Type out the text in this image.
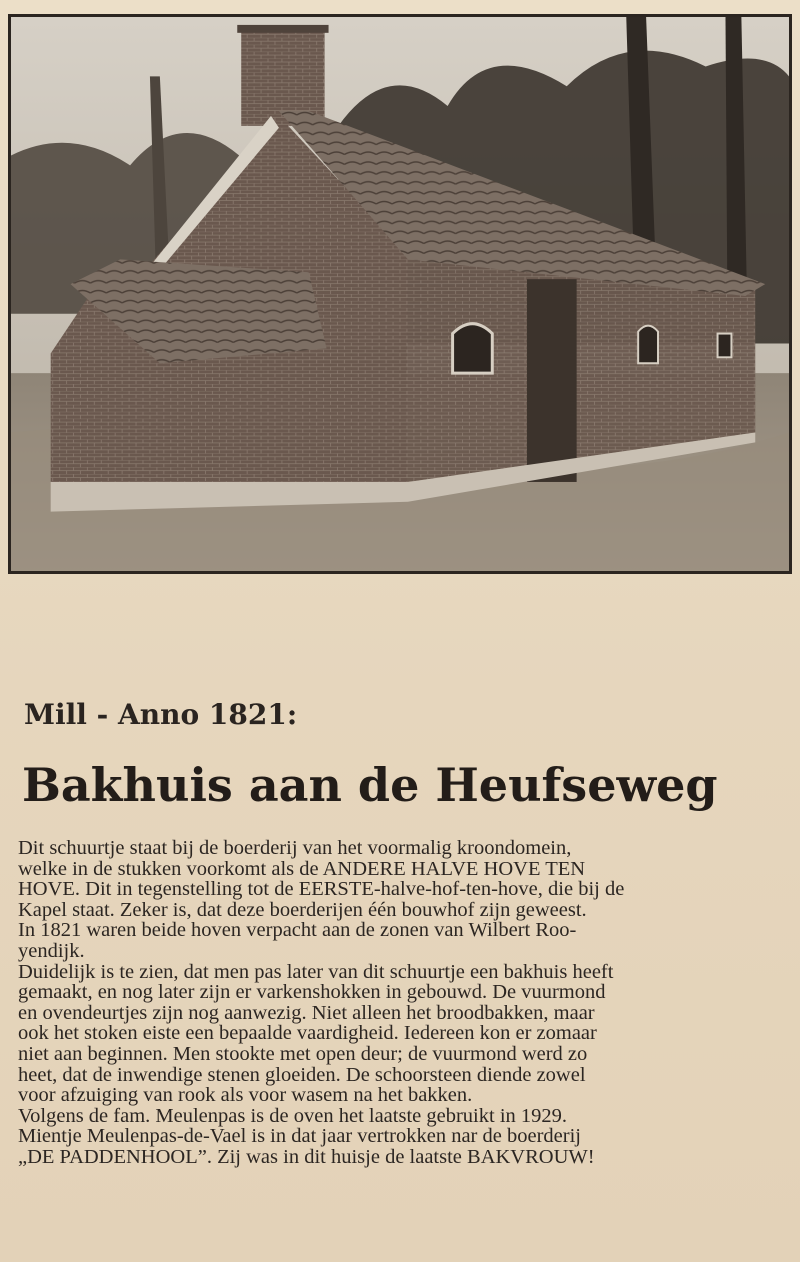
Mill - Anno 1821:
Bakhuis aan de Heufseweg

Dit schuurtje staat bij de boerderij van het voormalig kroondomein,
welke in de stukken voorkomt als de ANDERE HALVE HOVE TEN
HOVE. Dit in tegenstelling tot de EERSTE-halve-hof-ten-hove, die bij de
Kapel staat. Zeker is, dat deze boerderijen één bouwhof zijn geweest.
In 1821 waren beide hoven verpacht aan de zonen van Wilbert Roo-
yendijk.

Duidelijk is te zien, dat men pas later van dit schuurtje een bakhuis heeft
gemaakt, en nog later zijn er varkenshokken in gebouwd. De vuurmond
en ovendeurtjes zijn nog aanwezig. Niet alleen het broodbakken, maar
ook het stoken eiste een bepaalde vaardigheid. Iedereen kon er zomaar
niet aan beginnen. Men stookte met open deur; de vuurmond werd zo
heet, dat de inwendige stenen gloeiden. De schoorsteen diende zowel
voor afzuiging van rook als voor wasem na het bakken.

Volgens de fam. Meulenpas is de oven het laatste gebruikt in 1929.
Mientje Meulenpas-de-Vael is in dat jaar vertrokken nar de boerderij
„DE PADDENHOOL”. Zij was in dit huisje de laatste BAKVROUW!
